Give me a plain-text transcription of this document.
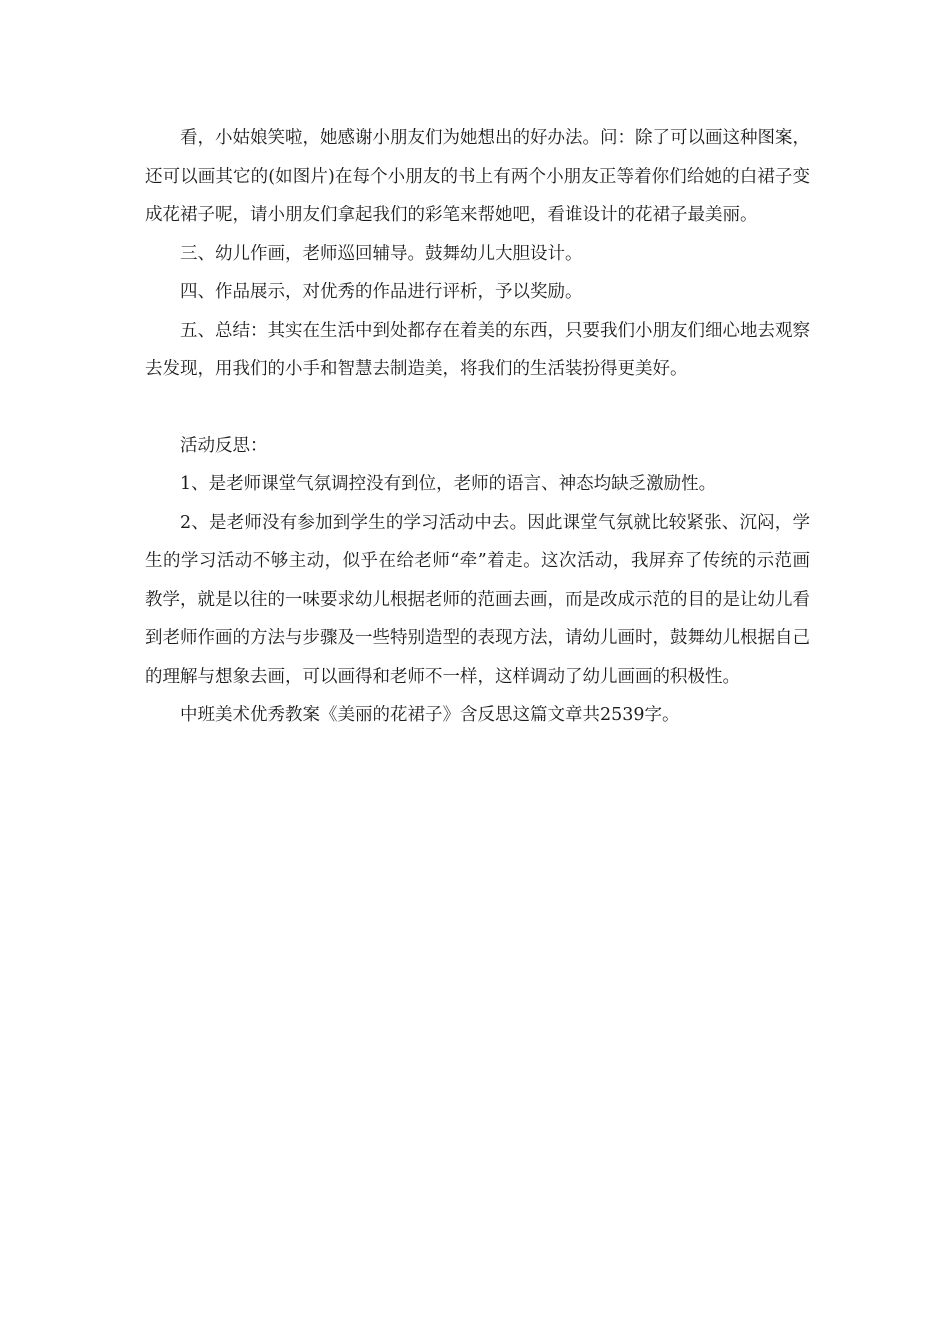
看，小姑娘笑啦，她感谢小朋友们为她想出的好办法。问：除了可以画这种图案，还可以画其它的(如图片)在每个小朋友的书上有两个小朋友正等着你们给她的白裙子变成花裙子呢，请小朋友们拿起我们的彩笔来帮她吧，看谁设计的花裙子最美丽。

三、幼儿作画，老师巡回辅导。鼓舞幼儿大胆设计。

四、作品展示，对优秀的作品进行评析，予以奖励。

五、总结：其实在生活中到处都存在着美的东西，只要我们小朋友们细心地去观察去发现，用我们的小手和智慧去制造美，将我们的生活装扮得更美好。

活动反思：

1、是老师课堂气氛调控没有到位，老师的语言、神态均缺乏激励性。

2、是老师没有参加到学生的学习活动中去。因此课堂气氛就比较紧张、沉闷，学生的学习活动不够主动，似乎在给老师“牵”着走。这次活动，我屏弃了传统的示范画教学，就是以往的一味要求幼儿根据老师的范画去画，而是改成示范的目的是让幼儿看到老师作画的方法与步骤及一些特别造型的表现方法，请幼儿画时，鼓舞幼儿根据自己的理解与想象去画，可以画得和老师不一样，这样调动了幼儿画画的积极性。

中班美术优秀教案《美丽的花裙子》含反思这篇文章共2539字。
